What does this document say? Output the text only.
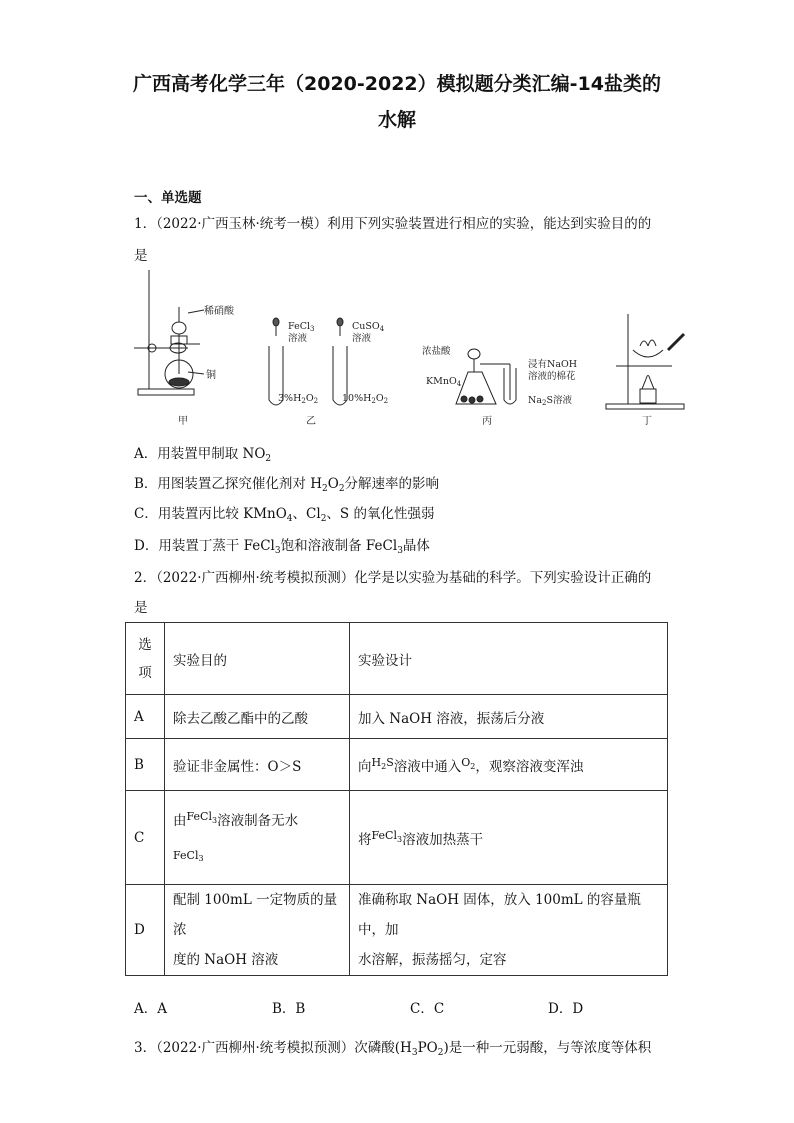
广西高考化学三年（2020-2022）模拟题分类汇编-14盐类的
水解
一、单选题
1．（2022·广西玉林·统考一模）利用下列实验装置进行相应的实验，能达到实验目的的
是
稀硝酸
铜
甲
FeCl$_3$
溶液
CuSO$_4$
溶液
$3\%H_2O_2$	$10\%H_2O_2$
乙
浓盐酸
KMnO$_4$
浸有NaOH
溶液的棉花
$Na_2S$溶液
丙	丁
A．用装置甲制取 $NO_2$
B．用图装置乙探究催化剂对 $H_2O_2$分解速率的影响
C．用装置丙比较 KMnO$_4$、$Cl_2$、S 的氧化性强弱
D．用装置丁蒸干 FeCl$_3$饱和溶液制备 FeCl$_3$晶体
2．（2022·广西柳州·统考模拟预测）化学是以实验为基础的科学。下列实验设计正确的
是
选
项	实验目的	实验设计
A	除去乙酸乙酯中的乙酸	加入 NaOH 溶液，振荡后分液
B	验证非金属性：O＞S	向$^H2^S$溶液中通入$^O$2，观察溶液变浑浊
C	由$^{FeCl}$3溶液制备无水
FeCl3	将$^{FeCl}$3溶液加热蒸干
D	配制 100mL 一定物质的量浓
度的 NaOH 溶液	准确称取 NaOH 固体，放入 100mL 的容量瓶中，加
水溶解，振荡摇匀，定容
A．A	B．B	C．C	D．D
3．（2022·广西柳州·统考模拟预测）次磷酸$(H_3PO_2)$是一种一元弱酸，与等浓度等体积
